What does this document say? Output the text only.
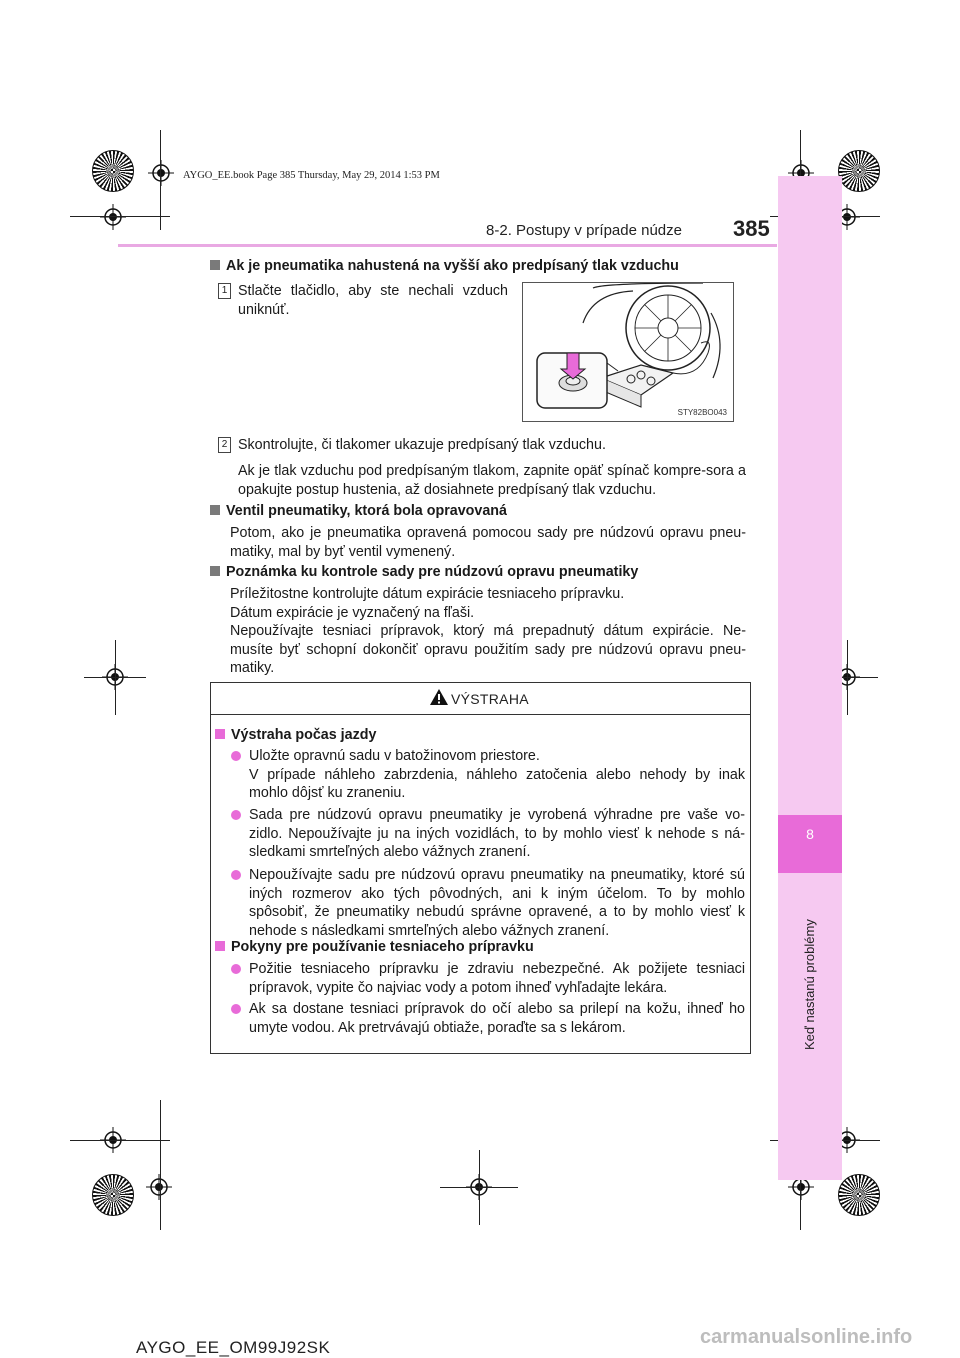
AYGO_EE.book Page 385 Thursday, May 29, 2014 1:53 PM
8
Keď nastanú problémy
8-2. Postupy v prípade núdze 385
Ak je pneumatika nahustená na vyšší ako predpísaný tlak vzduchu
1 Stlačte tlačidlo, aby ste nechali vzduch uniknúť.
STY82BO043
2 Skontrolujte, či tlakomer ukazuje predpísaný tlak vzduchu.
Ak je tlak vzduchu pod predpísaným tlakom, zapnite opäť spínač kompre-sora a opakujte postup hustenia, až dosiahnete predpísaný tlak vzduchu.
Ventil pneumatiky, ktorá bola opravovaná
Potom, ako je pneumatika opravená pomocou sady pre núdzovú opravu pneu-matiky, mal by byť ventil vymenený.
Poznámka ku kontrole sady pre núdzovú opravu pneumatiky
Príležitostne kontrolujte dátum expirácie tesniaceho prípravku.
Dátum expirácie je vyznačený na fľaši.
Nepoužívajte tesniaci prípravok, ktorý má prepadnutý dátum expirácie. Ne-musíte byť schopní dokončiť opravu použitím sady pre núdzovú opravu pneu-matiky.
VÝSTRAHA
Výstraha počas jazdy
Uložte opravnú sadu v batožinovom priestore.
V prípade náhleho zabrzdenia, náhleho zatočenia alebo nehody by inak mohlo dôjsť ku zraneniu.
Sada pre núdzovú opravu pneumatiky je vyrobená výhradne pre vaše vo-zidlo. Nepoužívajte ju na iných vozidlách, to by mohlo viesť k nehode s ná-sledkami smrteľných alebo vážnych zranení.
Nepoužívajte sadu pre núdzovú opravu pneumatiky na pneumatiky, ktoré sú iných rozmerov ako tých pôvodných, ani k iným účelom. To by mohlo spôsobiť, že pneumatiky nebudú správne opravené, a to by mohlo viesť k nehode s následkami smrteľných alebo vážnych zranení.
Pokyny pre používanie tesniaceho prípravku
Požitie tesniaceho prípravku je zdraviu nebezpečné. Ak požijete tesniaci prípravok, vypite čo najviac vody a potom ihneď vyhľadajte lekára.
Ak sa dostane tesniaci prípravok do očí alebo sa prilepí na kožu, ihneď ho umyte vodou. Ak pretrvávajú obtiaže, poraďte sa s lekárom.
AYGO_EE_OM99J92SK	carmanualsonline.info
